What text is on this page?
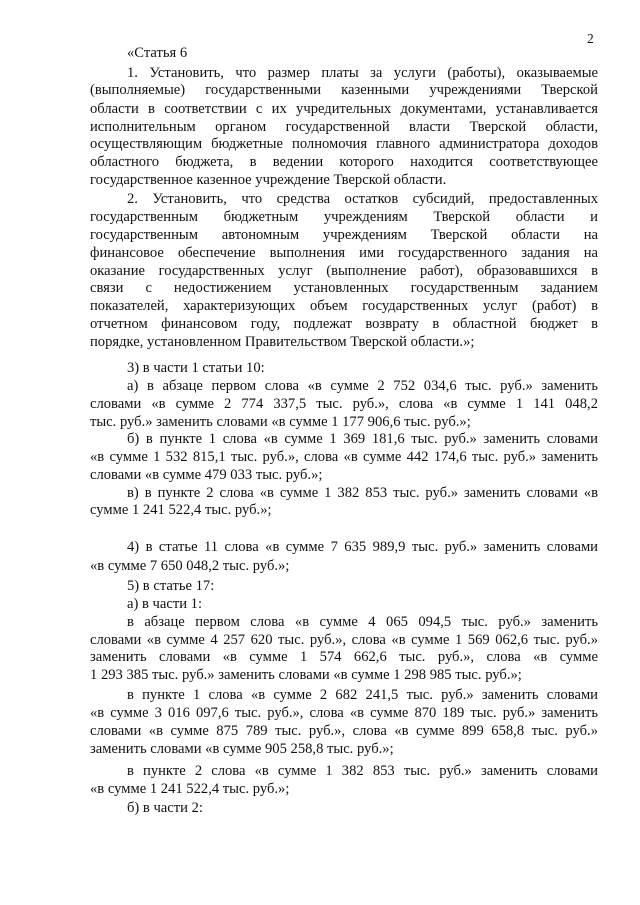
2
«Статья 6
1. Установить, что размер платы за услуги (работы), оказываемые
(выполняемые) государственными казенными учреждениями Тверской
области в соответствии с их учредительных документами, устанавливается
исполнительным органом государственной власти Тверской области,
осуществляющим бюджетные полномочия главного администратора доходов
областного бюджета, в ведении которого находится соответствующее
государственное казенное учреждение Тверской области.
2. Установить, что средства остатков субсидий, предоставленных
государственным бюджетным учреждениям Тверской области и
государственным автономным учреждениям Тверской области на
финансовое обеспечение выполнения ими государственного задания на
оказание государственных услуг (выполнение работ), образовавшихся в
связи с недостижением установленных государственным заданием
показателей, характеризующих объем государственных услуг (работ) в
отчетном финансовом году, подлежат возврату в областной бюджет в
порядке, установленном Правительством Тверской области.»;
3) в части 1 статьи 10:
а) в абзаце первом слова «в сумме 2 752 034,6 тыс. руб.» заменить
словами «в сумме 2 774 337,5 тыс. руб.», слова «в сумме 1 141 048,2
тыс. руб.» заменить словами «в сумме 1 177 906,6 тыс. руб.»;
б) в пункте 1 слова «в сумме 1 369 181,6 тыс. руб.» заменить словами
«в сумме 1 532 815,1 тыс. руб.», слова «в сумме 442 174,6 тыс. руб.» заменить
словами «в сумме 479 033 тыс. руб.»;
в) в пункте 2 слова «в сумме 1 382 853 тыс. руб.» заменить словами «в
сумме 1 241 522,4 тыс. руб.»;
4) в статье 11 слова «в сумме 7 635 989,9 тыс. руб.» заменить словами
«в сумме 7 650 048,2 тыс. руб.»;
5) в статье 17:
а) в части 1:
в абзаце первом слова «в сумме 4 065 094,5 тыс. руб.» заменить
словами «в сумме 4 257 620 тыс. руб.», слова «в сумме 1 569 062,6 тыс. руб.»
заменить словами «в сумме 1 574 662,6 тыс. руб.», слова «в сумме
1 293 385 тыс. руб.» заменить словами «в сумме 1 298 985 тыс. руб.»;
в пункте 1 слова «в сумме 2 682 241,5 тыс. руб.» заменить словами
«в сумме 3 016 097,6 тыс. руб.», слова «в сумме 870 189 тыс. руб.» заменить
словами «в сумме 875 789 тыс. руб.», слова «в сумме 899 658,8 тыс. руб.»
заменить словами «в сумме 905 258,8 тыс. руб.»;
в пункте 2 слова «в сумме 1 382 853 тыс. руб.» заменить словами
«в сумме 1 241 522,4 тыс. руб.»;
б) в части 2:
